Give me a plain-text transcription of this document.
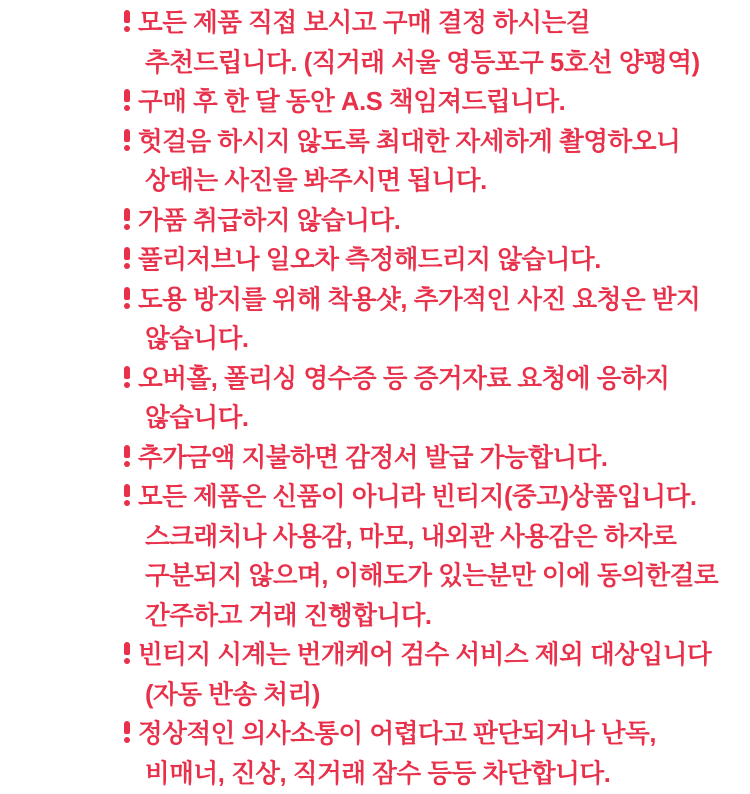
모든 제품 직접 보시고 구매 결정 하시는걸 추천드립니다. (직거래 서울 영등포구 5호선 양평역)

구매 후 한 달 동안 A.S 책임져드립니다.

헛걸음 하시지 않도록 최대한 자세하게 촬영하오니 상태는 사진을 봐주시면 됩니다.

가품 취급하지 않습니다.

풀리저브나 일오차 측정해드리지 않습니다.

도용 방지를 위해 착용샷, 추가적인 사진 요청은 받지 않습니다.

오버홀, 폴리싱 영수증 등 증거자료 요청에 응하지 않습니다.

추가금액 지불하면 감정서 발급 가능합니다.

모든 제품은 신품이 아니라 빈티지(중고)상품입니다. 스크래치나 사용감, 마모, 내외관 사용감은 하자로 구분되지 않으며, 이해도가 있는분만 이에 동의한걸로 간주하고 거래 진행합니다.

빈티지 시계는 번개케어 검수 서비스 제외 대상입니다(자동 반송 처리)

정상적인 의사소통이 어렵다고 판단되거나 난독, 비매너, 진상, 직거래 잠수 등등 차단합니다.
